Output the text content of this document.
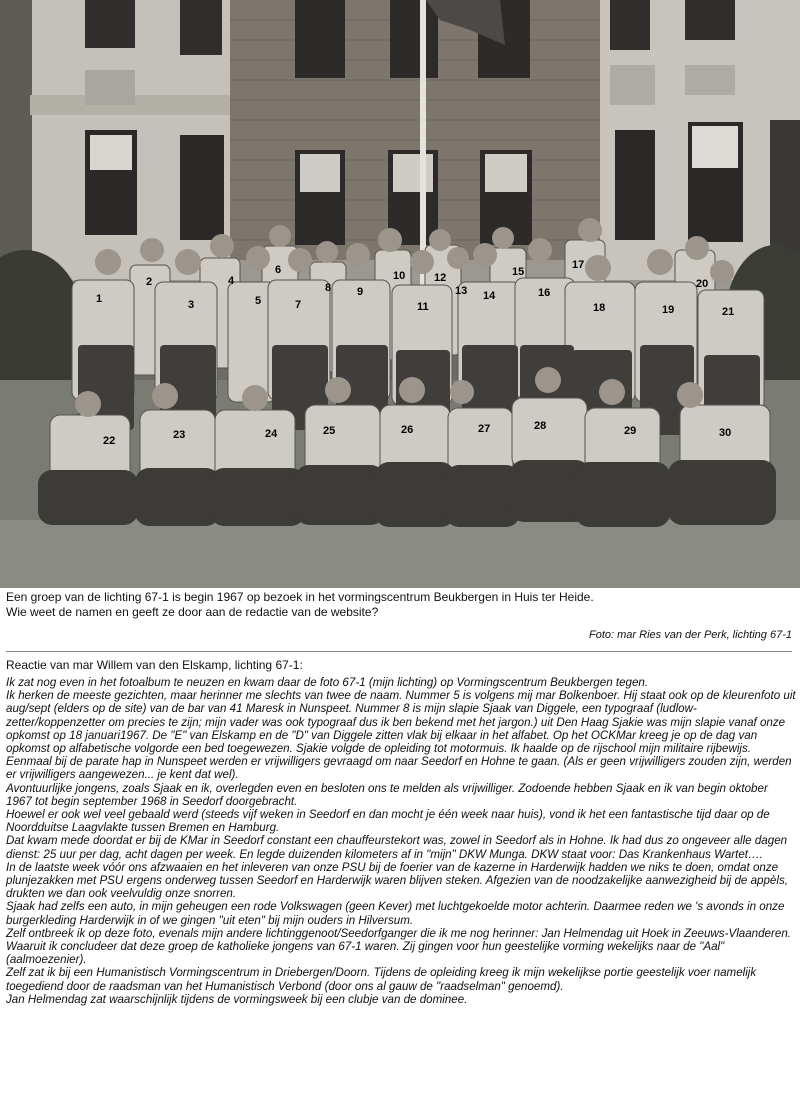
1
2
3
4
5
6
7
8 9
10
11
12
13 14
15
16
17
18	19
20
21
22	23	24	25	26	27	28	29	30
Een groep van de lichting 67-1 is begin 1967 op bezoek in het vormingscentrum Beukbergen in Huis ter Heide.
Wie weet de namen en geeft ze door aan de redactie van de website?
Foto: mar Ries van der Perk, lichting 67-1
Reactie van mar Willem van den Elskamp, lichting 67-1:

Ik zat nog even in het fotoalbum te neuzen en kwam daar de foto 67-1 (mijn lichting) op Vormingscentrum Beukbergen tegen.

Ik herken de meeste gezichten, maar herinner me slechts van twee de naam. Nummer 5 is volgens mij mar Bolkenboer. Hij staat ook op de kleurenfoto uit aug/sept (elders op de site) van de bar van 41 Maresk in Nunspeet. Nummer 8 is mijn slapie Sjaak van Diggele, een typograaf (ludlow-zetter/koppenzetter om precies te zijn; mijn vader was ook typograaf dus ik ben bekend met het jargon.) uit Den Haag Sjakie was mijn slapie vanaf onze opkomst op 18 januari1967. De "E" van Elskamp en de "D" van Diggele zitten vlak bij elkaar in het alfabet. Op het OCKMar kreeg je op de dag van opkomst op alfabetische volgorde een bed toegewezen. Sjakie volgde de opleiding tot motormuis. Ik haalde op de rijschool mijn militaire rijbewijs.

Eenmaal bij de parate hap in Nunspeet werden er vrijwilligers gevraagd om naar Seedorf en Hohne te gaan. (Als er geen vrijwilligers zouden zijn, werden er vrijwilligers aangewezen... je kent dat wel).

Avontuurlijke jongens, zoals Sjaak en ik, overlegden even en besloten ons te melden als vrijwilliger. Zodoende hebben Sjaak en ik van begin oktober 1967 tot begin september 1968 in Seedorf doorgebracht.

Hoewel er ook wel veel gebaald werd (steeds vijf weken in Seedorf en dan mocht je één week naar huis), vond ik het een fantastische tijd daar op de Noordduitse Laagvlakte tussen Bremen en Hamburg.

Dat kwam mede doordat er bij de KMar in Seedorf constant een chauffeurstekort was, zowel in Seedorf als in Hohne. Ik had dus zo ongeveer alle dagen dienst: 25 uur per dag, acht dagen per week. En legde duizenden kilometers af in "mijn" DKW Munga. DKW staat voor: Das Krankenhaus Wartet….

In de laatste week vóór ons afzwaaien en het inleveren van onze PSU bij de foerier van de kazerne in Harderwijk hadden we niks te doen, omdat onze plunjezakken met PSU ergens onderweg tussen Seedorf en Harderwijk waren blijven steken. Afgezien van de noodzakelijke aanwezigheid bij de appèls, drukten we dan ook veelvuldig onze snorren.

Sjaak had zelfs een auto, in mijn geheugen een rode Volkswagen (geen Kever) met luchtgekoelde motor achterin. Daarmee reden we 's avonds in onze burgerkleding Harderwijk in of we gingen "uit eten" bij mijn ouders in Hilversum.

Zelf ontbreek ik op deze foto, evenals mijn andere lichtinggenoot/Seedorfganger die ik me nog herinner: Jan Helmendag uit Hoek in Zeeuws-Vlaanderen. Waaruit ik concludeer dat deze groep de katholieke jongens van 67-1 waren. Zij gingen voor hun geestelijke vorming wekelijks naar de "Aal" (aalmoezenier).

Zelf zat ik bij een Humanistisch Vormingscentrum in Driebergen/Doorn. Tijdens de opleiding kreeg ik mijn wekelijkse portie geestelijk voer namelijk toegediend door de raadsman van het Humanistisch Verbond (door ons al gauw de "raadselman" genoemd).

Jan Helmendag zat waarschijnlijk tijdens de vormingsweek bij een clubje van de dominee.
